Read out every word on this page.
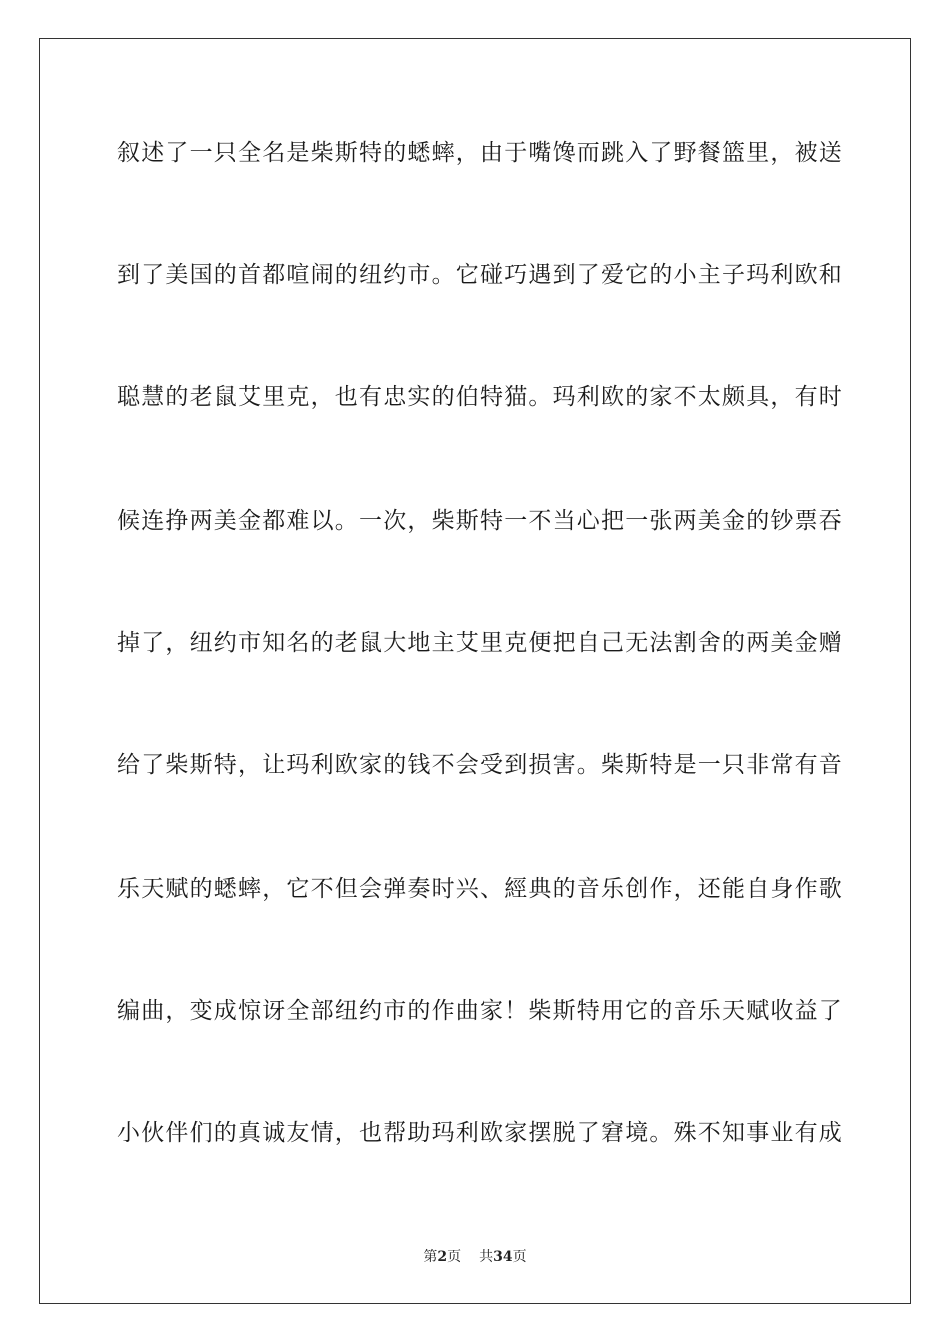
叙述了一只全名是柴斯特的蟋蟀，由于嘴馋而跳入了野餐篮里，被送
到了美国的首都喧闹的纽约市。它碰巧遇到了爱它的小主子玛利欧和
聪慧的老鼠艾里克，也有忠实的伯特猫。玛利欧的家不太颇具，有时
候连挣两美金都难以。一次，柴斯特一不当心把一张两美金的钞票吞
掉了，纽约市知名的老鼠大地主艾里克便把自己无法割舍的两美金赠
给了柴斯特，让玛利欧家的钱不会受到损害。柴斯特是一只非常有音
乐天赋的蟋蟀，它不但会弹奏时兴、經典的音乐创作，还能自身作歌
编曲，变成惊讶全部纽约市的作曲家！柴斯特用它的音乐天赋收益了
小伙伴们的真诚友情，也帮助玛利欧家摆脱了窘境。殊不知事业有成
第2页 共34页
